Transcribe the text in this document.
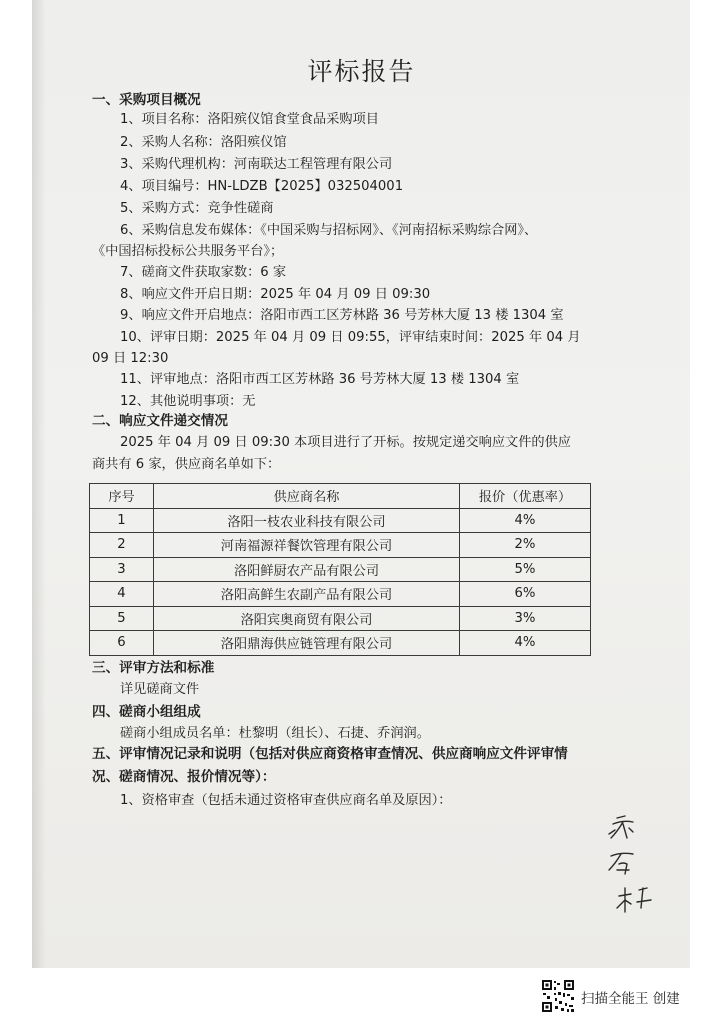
评标报告
一、采购项目概况
1、项目名称：洛阳殡仪馆食堂食品采购项目
2、采购人名称：洛阳殡仪馆
3、采购代理机构：河南联达工程管理有限公司
4、项目编号：HN-LDZB【2025】032504001
5、采购方式：竞争性磋商
6、采购信息发布媒体：《中国采购与招标网》、《河南招标采购综合网》、
《中国招标投标公共服务平台》；
7、磋商文件获取家数：6 家
8、响应文件开启日期：2025 年 04 月 09 日 09:30
9、响应文件开启地点：洛阳市西工区芳林路 36 号芳林大厦 13 楼 1304 室
10、评审日期：2025 年 04 月 09 日 09:55，评审结束时间：2025 年 04 月
09 日 12:30
11、评审地点：洛阳市西工区芳林路 36 号芳林大厦 13 楼 1304 室
12、其他说明事项：无
二、响应文件递交情况
2025 年 04 月 09 日 09:30 本项目进行了开标。按规定递交响应文件的供应
商共有 6 家，供应商名单如下：
序号	供应商名称	报价（优惠率）
1	洛阳一枝农业科技有限公司	4%
2	河南福源祥餐饮管理有限公司	2%
3	洛阳鲜厨农产品有限公司	5%
4	洛阳高鲜生农副产品有限公司	6%
5	洛阳宾奥商贸有限公司	3%
6	洛阳鼎海供应链管理有限公司	4%
三、评审方法和标准
详见磋商文件
四、磋商小组组成
磋商小组成员名单：杜黎明（组长）、石捷、乔润润。
五、评审情况记录和说明（包括对供应商资格审查情况、供应商响应文件评审情
况、磋商情况、报价情况等）：
1、资格审查（包括未通过资格审查供应商名单及原因）：
扫描全能王 创建
